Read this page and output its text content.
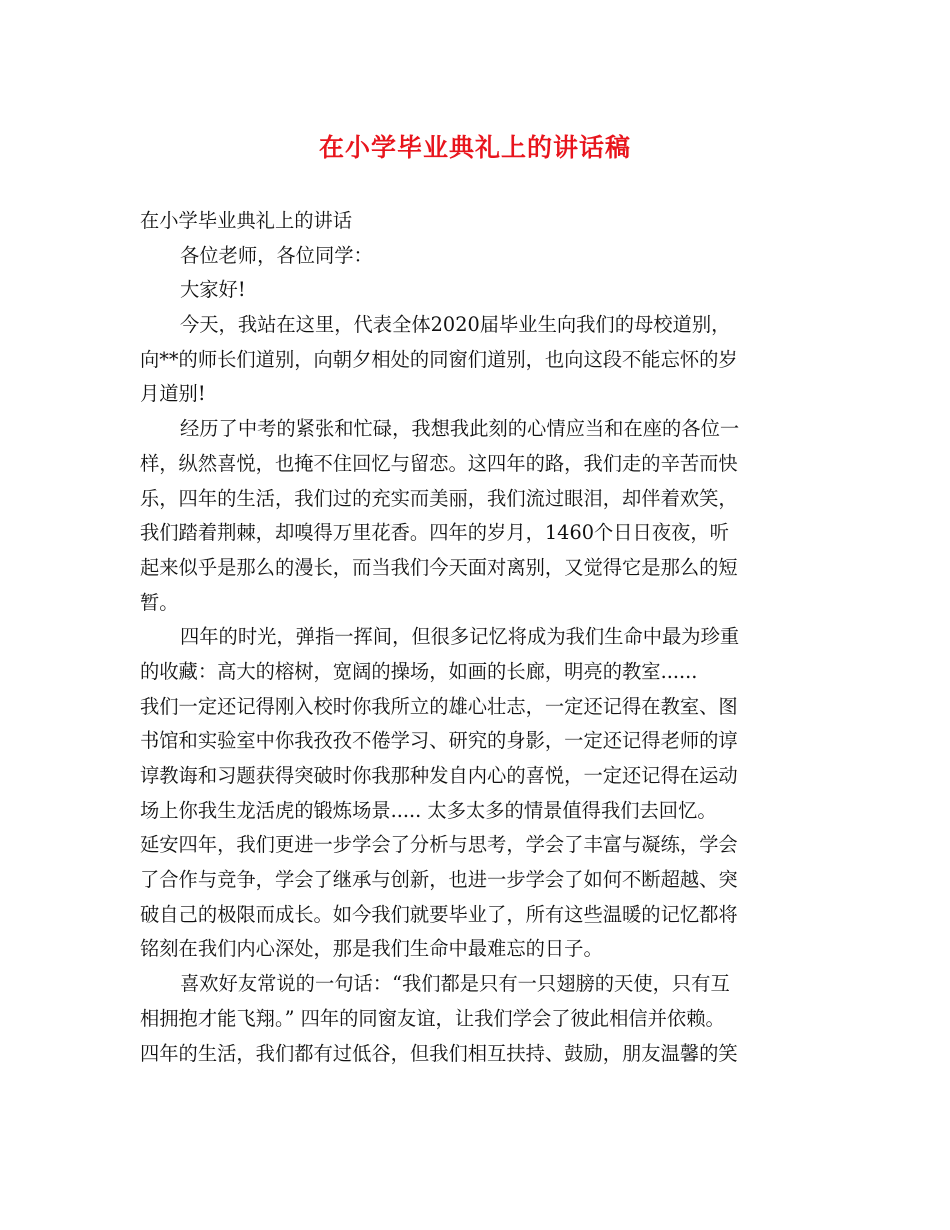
在小学毕业典礼上的讲话稿
在小学毕业典礼上的讲话
各位老师，各位同学：
大家好!
今天，我站在这里，代表全体2020届毕业生向我们的母校道别，
向**的师长们道别，向朝夕相处的同窗们道别，也向这段不能忘怀的岁
月道别!
经历了中考的紧张和忙碌，我想我此刻的心情应当和在座的各位一
样，纵然喜悦，也掩不住回忆与留恋。这四年的路，我们走的辛苦而快
乐，四年的生活，我们过的充实而美丽，我们流过眼泪，却伴着欢笑，
我们踏着荆棘，却嗅得万里花香。四年的岁月，1460个日日夜夜，听
起来似乎是那么的漫长，而当我们今天面对离别，又觉得它是那么的短
暂。
四年的时光，弹指一挥间，但很多记忆将成为我们生命中最为珍重
的收藏：高大的榕树，宽阔的操场，如画的长廊，明亮的教室......
我们一定还记得刚入校时你我所立的雄心壮志，一定还记得在教室、图
书馆和实验室中你我孜孜不倦学习、研究的身影，一定还记得老师的谆
谆教诲和习题获得突破时你我那种发自内心的喜悦，一定还记得在运动
场上你我生龙活虎的锻炼场景..... 太多太多的情景值得我们去回忆。
延安四年，我们更进一步学会了分析与思考，学会了丰富与凝练，学会
了合作与竞争，学会了继承与创新，也进一步学会了如何不断超越、突
破自己的极限而成长。如今我们就要毕业了，所有这些温暖的记忆都将
铭刻在我们内心深处，那是我们生命中最难忘的日子。
喜欢好友常说的一句话：“我们都是只有一只翅膀的天使，只有互
相拥抱才能飞翔。” 四年的同窗友谊，让我们学会了彼此相信并依赖。
四年的生活，我们都有过低谷，但我们相互扶持、鼓励，朋友温馨的笑
